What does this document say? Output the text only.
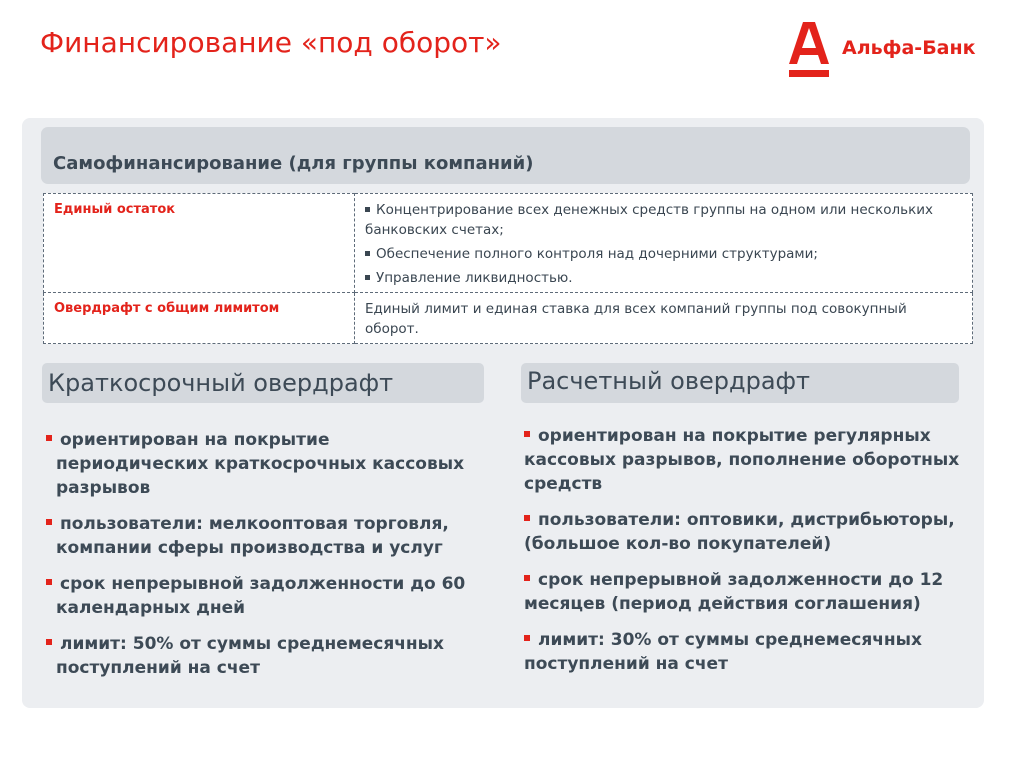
Финансирование «под оборот»	Альфа-Банк
Самофинансирование (для группы компаний)
Единый остаток	Концентрирование всех денежных средств группы на одном или нескольких банковских счетах;
Обеспечение полного контроля над дочерними структурами;
Управление ликвидностью.

Овердрафт с общим лимитом	Единый лимит и единая ставка для всех компаний группы под совокупный оборот.
Краткосрочный овердрафт	Расчетный овердрафт
ориентирован на покрытие периодических краткосрочных кассовых разрывов
пользователи: мелкооптовая торговля, компании сферы производства и услуг
срок непрерывной задолженности до 60 календарных дней
лимит: 50% от суммы среднемесячных поступлений на счет
ориентирован на покрытие регулярных кассовых разрывов, пополнение оборотных средств
пользователи: оптовики, дистрибьюторы, (большое кол-во покупателей)
срок непрерывной задолженности до 12 месяцев (период действия соглашения)
лимит: 30% от суммы среднемесячных поступлений на счет
